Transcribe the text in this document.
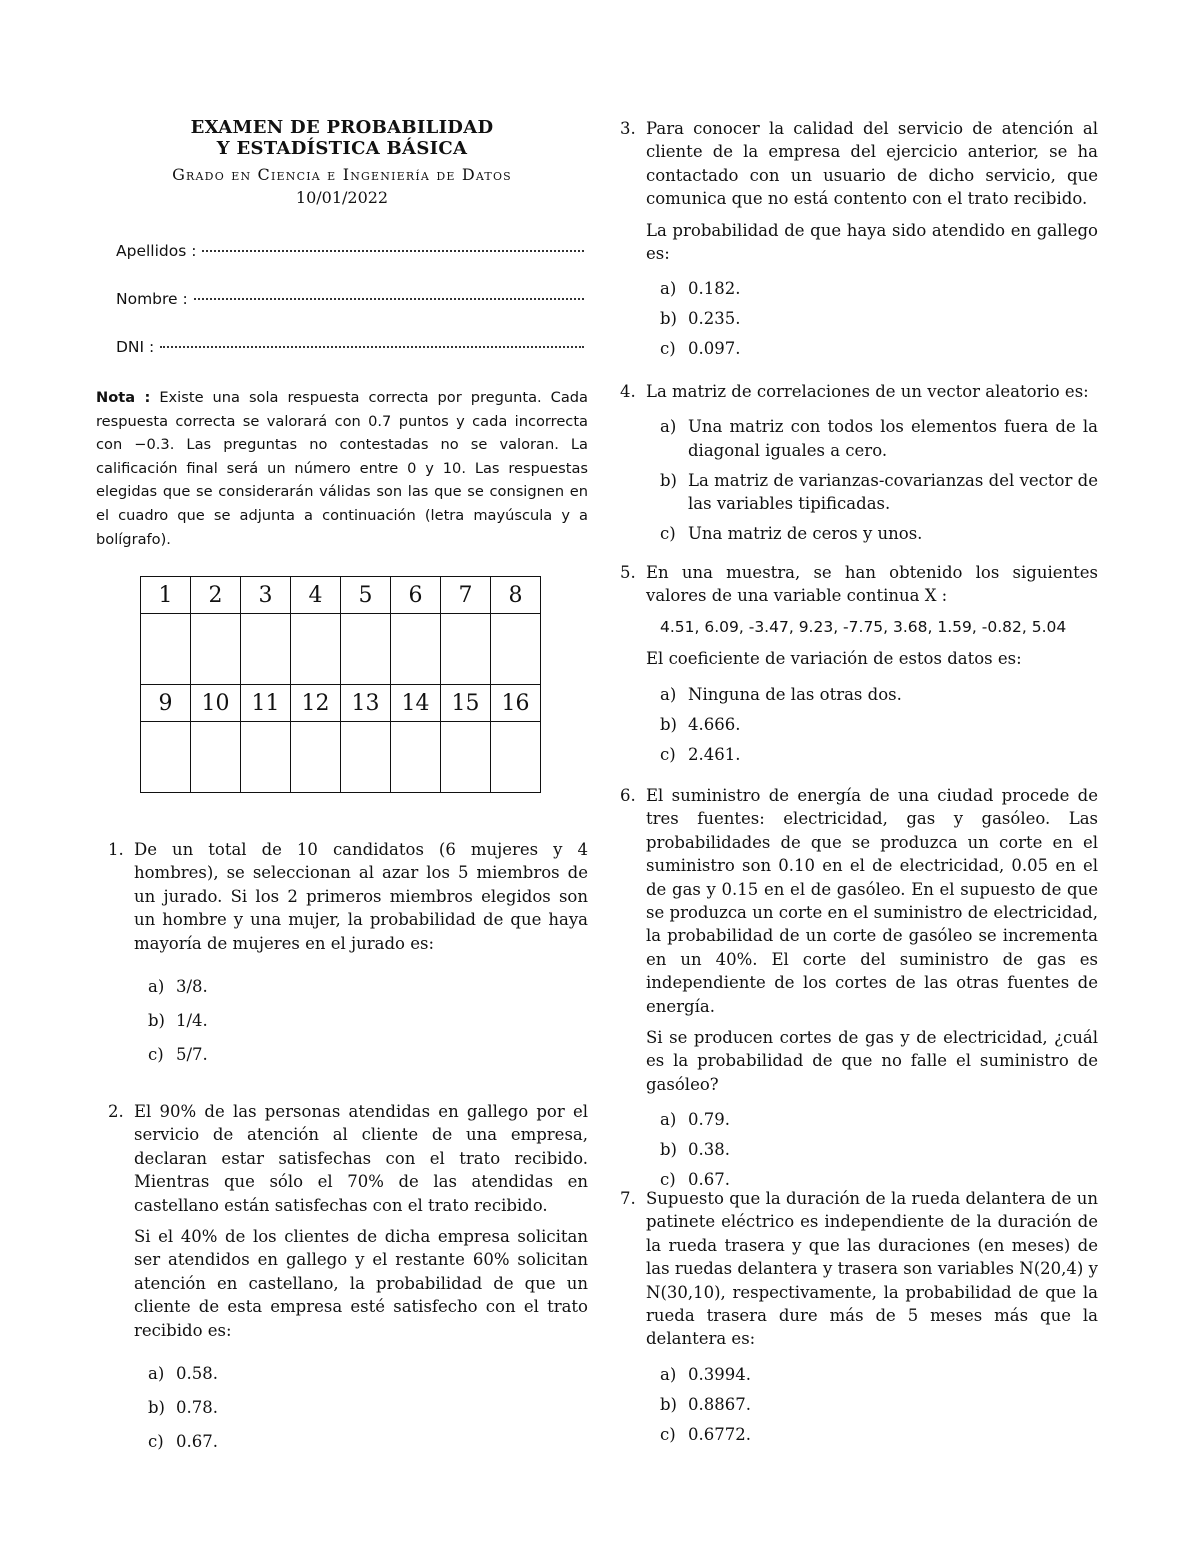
EXAMEN DE PROBABILIDAD
Y ESTADÍSTICA BÁSICA
Grado en Ciencia e Ingeniería de Datos
10/01/2022
Apellidos :
Nombre :
DNI :
Nota : Existe una sola respuesta correcta por pregunta. Cada respuesta correcta se valorará con 0.7 puntos y cada incorrecta con −0.3. Las preguntas no contestadas no se valoran. La calificación final será un número entre 0 y 10. Las respuestas elegidas que se considerarán válidas son las que se consignen en el cuadro que se adjunta a continuación (letra mayúscula y a bolígrafo).
1	2	3	4	5	6	7	8

9	10	11	12	13	14	15	16

1. De un total de 10 candidatos (6 mujeres y 4 hombres), se seleccionan al azar los 5 miembros de un jurado. Si los 2 primeros miembros elegidos son un hombre y una mujer, la probabilidad de que haya mayoría de mujeres en el jurado es:

a) 3/8.
b) 1/4.
c) 5/7.
2. El 90% de las personas atendidas en gallego por el servicio de atención al cliente de una empresa, declaran estar satisfechas con el trato recibido. Mientras que sólo el 70% de las atendidas en castellano están satisfechas con el trato recibido.

Si el 40% de los clientes de dicha empresa solicitan ser atendidos en gallego y el restante 60% solicitan atención en castellano, la probabilidad de que un cliente de esta empresa esté satisfecho con el trato recibido es:

a) 0.58.
b) 0.78.
c) 0.67.
3. Para conocer la calidad del servicio de atención al cliente de la empresa del ejercicio anterior, se ha contactado con un usuario de dicho servicio, que comunica que no está contento con el trato recibido.

La probabilidad de que haya sido atendido en gallego es:

a) 0.182.
b) 0.235.
c) 0.097.
4. La matriz de correlaciones de un vector aleatorio es:

a) Una matriz con todos los elementos fuera de la diagonal iguales a cero.
b) La matriz de varianzas-covarianzas del vector de las variables tipificadas.
c) Una matriz de ceros y unos.
5. En una muestra, se han obtenido los siguientes valores de una variable continua X :

4.51, 6.09, -3.47, 9.23, -7.75, 3.68, 1.59, -0.82, 5.04

El coeficiente de variación de estos datos es:

a) Ninguna de las otras dos.
b) 4.666.
c) 2.461.
6. El suministro de energía de una ciudad procede de tres fuentes: electricidad, gas y gasóleo. Las probabilidades de que se produzca un corte en el suministro son 0.10 en el de electricidad, 0.05 en el de gas y 0.15 en el de gasóleo. En el supuesto de que se produzca un corte en el suministro de electricidad, la probabilidad de un corte de gasóleo se incrementa en un 40%. El corte del suministro de gas es independiente de los cortes de las otras fuentes de energía.

Si se producen cortes de gas y de electricidad, ¿cuál es la probabilidad de que no falle el suministro de gasóleo?

a) 0.79.
b) 0.38.
c) 0.67.
7. Supuesto que la duración de la rueda delantera de un patinete eléctrico es independiente de la duración de la rueda trasera y que las duraciones (en meses) de las ruedas delantera y trasera son variables N(20,4) y N(30,10), respectivamente, la probabilidad de que la rueda trasera dure más de 5 meses más que la delantera es:

a) 0.3994.
b) 0.8867.
c) 0.6772.
